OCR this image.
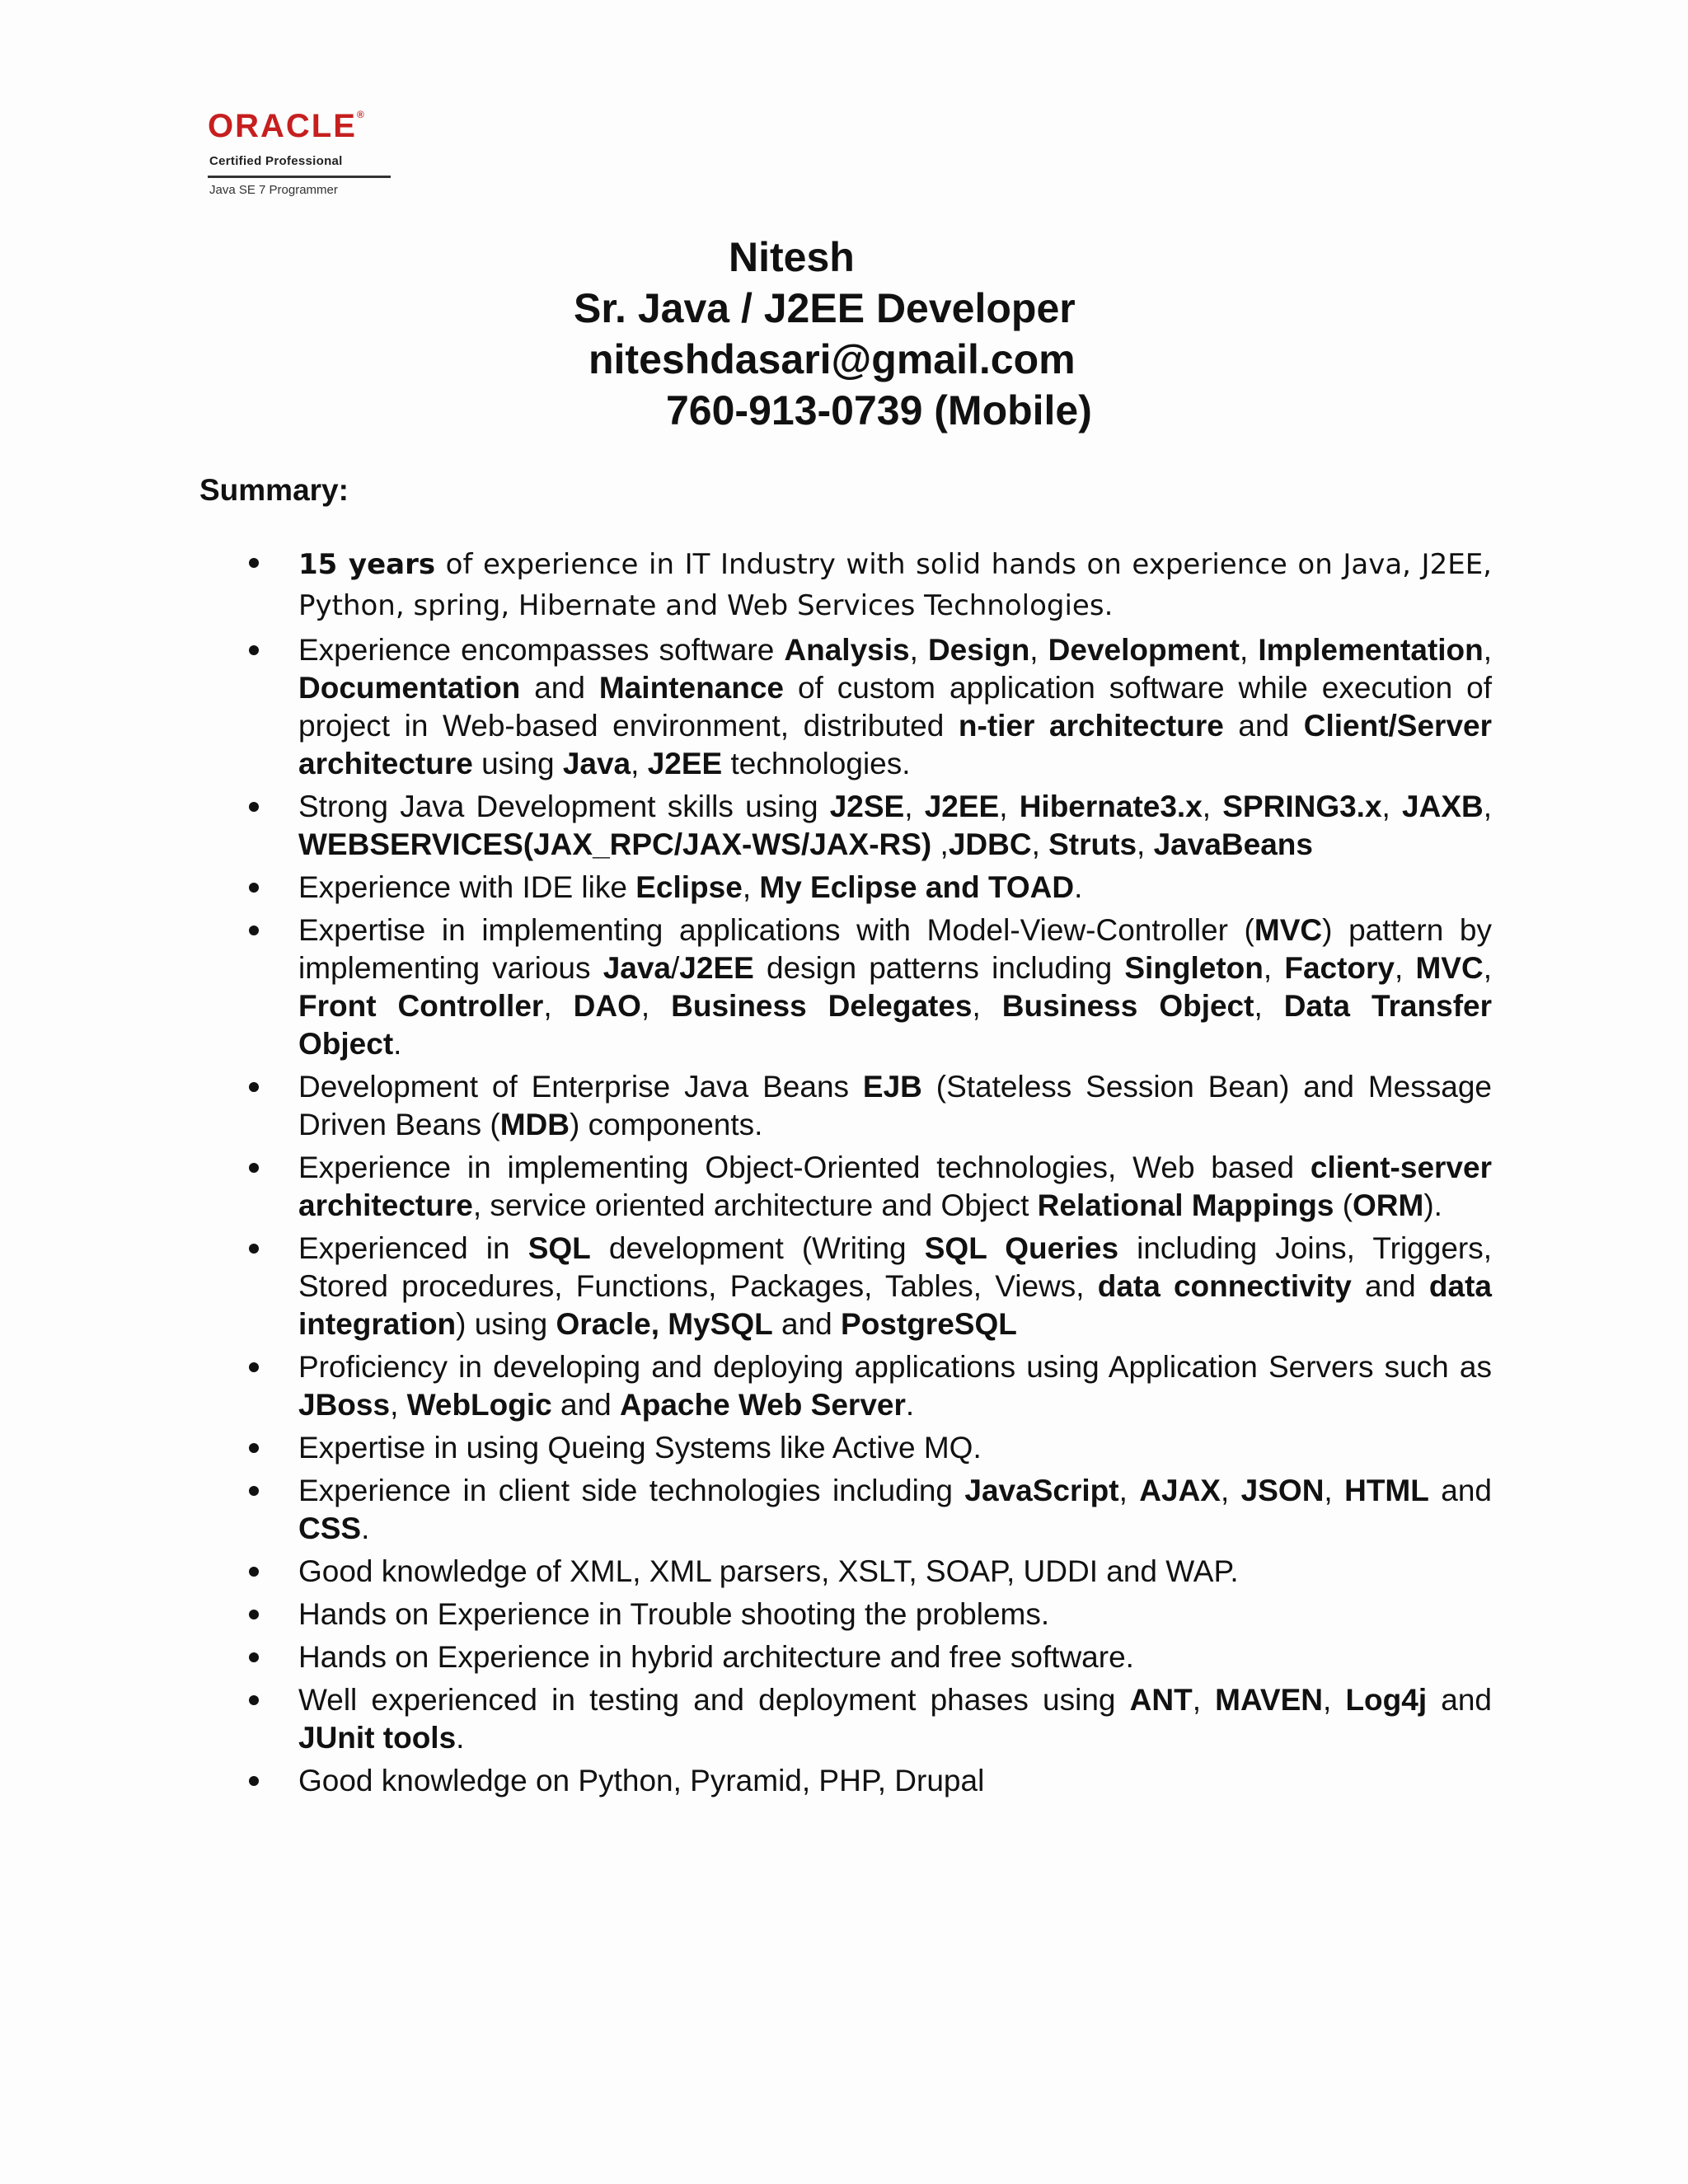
ORACLE®
Certified Professional
Java SE 7 Programmer
Nitesh
Sr. Java / J2EE Developer
niteshdasari@gmail.com
760-913-0739 (Mobile)
Summary:
15 years of experience in IT Industry with solid hands on experience on Java, J2EE, Python, spring, Hibernate and Web Services Technologies.
Experience encompasses software Analysis, Design, Development, Implementation, Documentation and Maintenance of custom application software while execution of project in Web-based environment, distributed n-tier architecture and Client/Server architecture using Java, J2EE technologies.
Strong Java Development skills using J2SE, J2EE, Hibernate3.x, SPRING3.x, JAXB, WEBSERVICES(JAX_RPC/JAX-WS/JAX-RS) ,JDBC, Struts, JavaBeans
Experience with IDE like Eclipse, My Eclipse and TOAD.
Expertise in implementing applications with Model-View-Controller (MVC) pattern by implementing various Java/J2EE design patterns including Singleton, Factory, MVC, Front Controller, DAO, Business Delegates, Business Object, Data Transfer Object.
Development of Enterprise Java Beans EJB (Stateless Session Bean) and Message Driven Beans (MDB) components.
Experience in implementing Object-Oriented technologies, Web based client-server architecture, service oriented architecture and Object Relational Mappings (ORM).
Experienced in SQL development (Writing SQL Queries including Joins, Triggers, Stored procedures, Functions, Packages, Tables, Views, data connectivity and data integration) using Oracle, MySQL and PostgreSQL
Proficiency in developing and deploying applications using Application Servers such as JBoss, WebLogic and Apache Web Server.
Expertise in using Queing Systems like Active MQ.
Experience in client side technologies including JavaScript, AJAX, JSON, HTML and CSS.
Good knowledge of XML, XML parsers, XSLT, SOAP, UDDI and WAP.
Hands on Experience in Trouble shooting the problems.
Hands on Experience in hybrid architecture and free software.
Well experienced in testing and deployment phases using ANT, MAVEN, Log4j and JUnit tools.
Good knowledge on Python, Pyramid, PHP, Drupal
